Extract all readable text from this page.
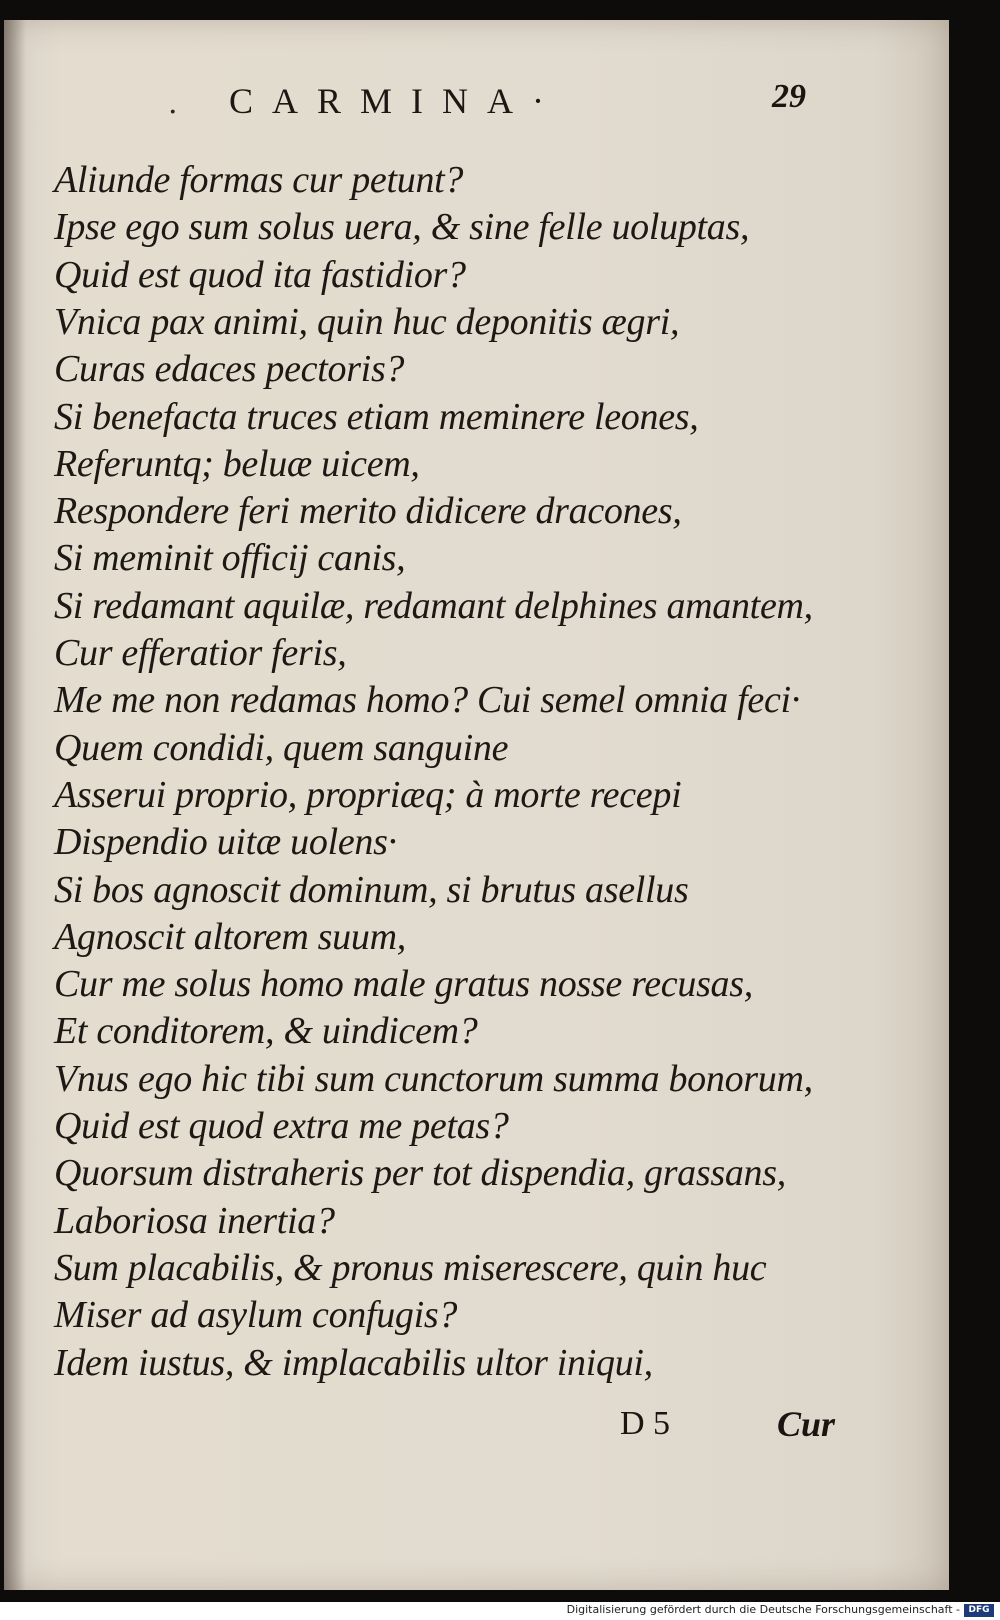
. CARMINA·	29
Aliunde formas cur petunt?
Ipse ego sum solus uera, & sine felle uoluptas,
Quid est quod ita fastidior?
Vnica pax animi, quin huc deponitis ægri,
Curas edaces pectoris?
Si benefacta truces etiam meminere leones,
Referuntq; beluæ uicem,
Respondere feri merito didicere dracones,
Si meminit officij canis,
Si redamant aquilæ, redamant delphines amantem,
Cur efferatior feris,
Me me non redamas homo? Cui semel omnia feci·
Quem condidi, quem sanguine
Asserui proprio, propriæq; à morte recepi
Dispendio uitæ uolens·
Si bos agnoscit dominum, si brutus asellus
Agnoscit altorem suum,
Cur me solus homo male gratus nosse recusas,
Et conditorem, & uindicem?
Vnus ego hic tibi sum cunctorum summa bonorum,
Quid est quod extra me petas?
Quorsum distraheris per tot dispendia, grassans,
Laboriosa inertia?
Sum placabilis, & pronus miserescere, quin huc
Miser ad asylum confugis?
Idem iustus, & implacabilis ultor iniqui,
D 5	Cur
Digitalisierung gefördert durch die Deutsche Forschungsgemeinschaft - DFG
